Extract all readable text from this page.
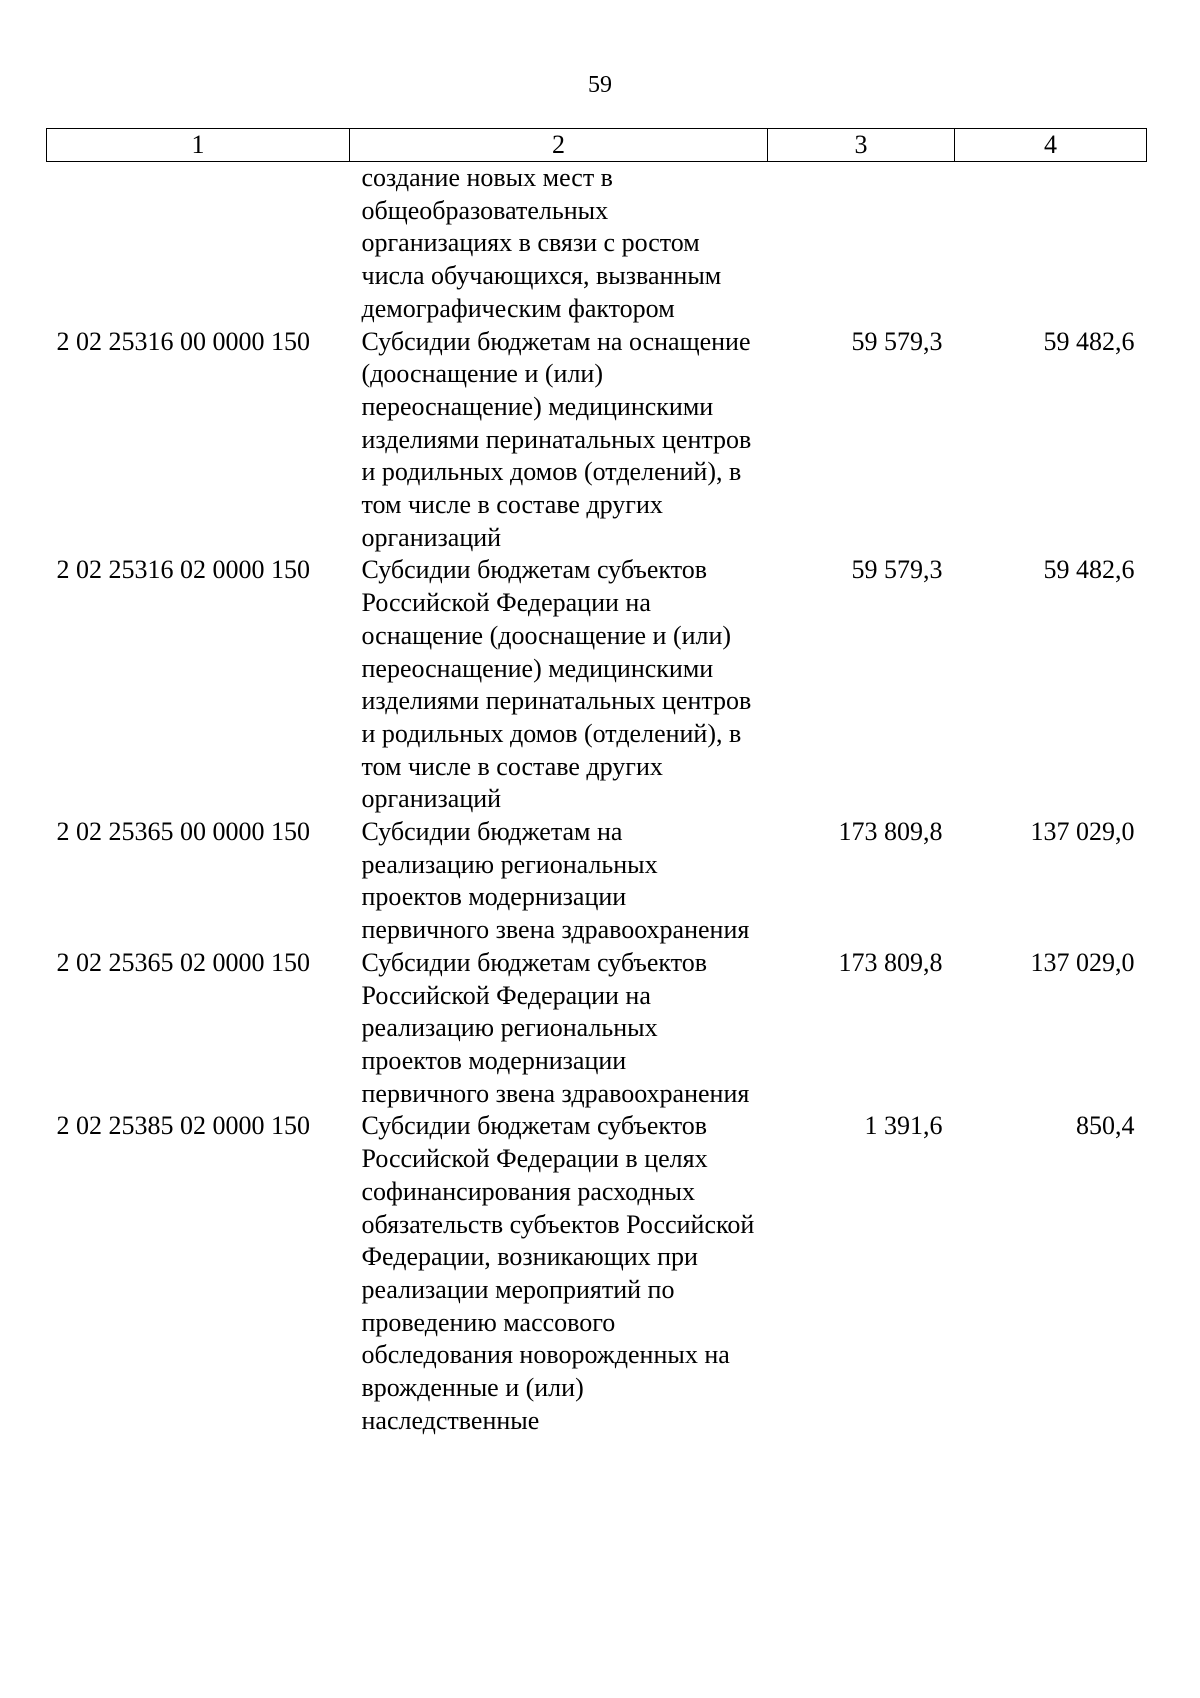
59
1	2	3	4
	создание новых мест в общеобразовательных организациях в связи с ростом числа обучающихся, вызванным демографическим фактором		
2 02 25316 00 0000 150	Субсидии бюджетам на оснащение (дооснащение и (или) переоснащение) медицинскими изделиями перинатальных центров и родильных домов (отделений), в том числе в составе других организаций	59 579,3	59 482,6
2 02 25316 02 0000 150	Субсидии бюджетам субъектов Российской Федерации на оснащение (дооснащение и (или) переоснащение) медицинскими изделиями перинатальных центров и родильных домов (отделений), в том числе в составе других организаций	59 579,3	59 482,6
2 02 25365 00 0000 150	Субсидии бюджетам на реализацию региональных проектов модернизации первичного звена здравоохранения	173 809,8	137 029,0
2 02 25365 02 0000 150	Субсидии бюджетам субъектов Российской Федерации на реализацию региональных проектов модернизации первичного звена здравоохранения	173 809,8	137 029,0
2 02 25385 02 0000 150	Субсидии бюджетам субъектов Российской Федерации в целях софинансирования расходных обязательств субъектов Российской Федерации, возникающих при реализации мероприятий по проведению массового обследования новорожденных на врожденные и (или) наследственные	1 391,6	850,4
